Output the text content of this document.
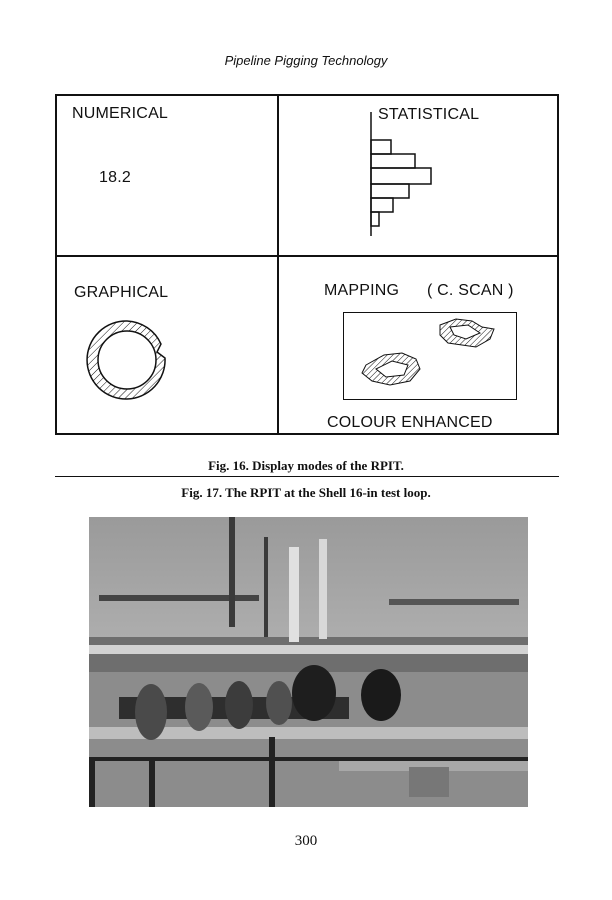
Pipeline Pigging Technology
NUMERICAL
18.2
STATISTICAL
GRAPHICAL	MAPPING ( C. SCAN )
COLOUR ENHANCED
Fig. 16. Display modes of the RPIT.
Fig. 17. The RPIT at the Shell 16-in test loop.
300
